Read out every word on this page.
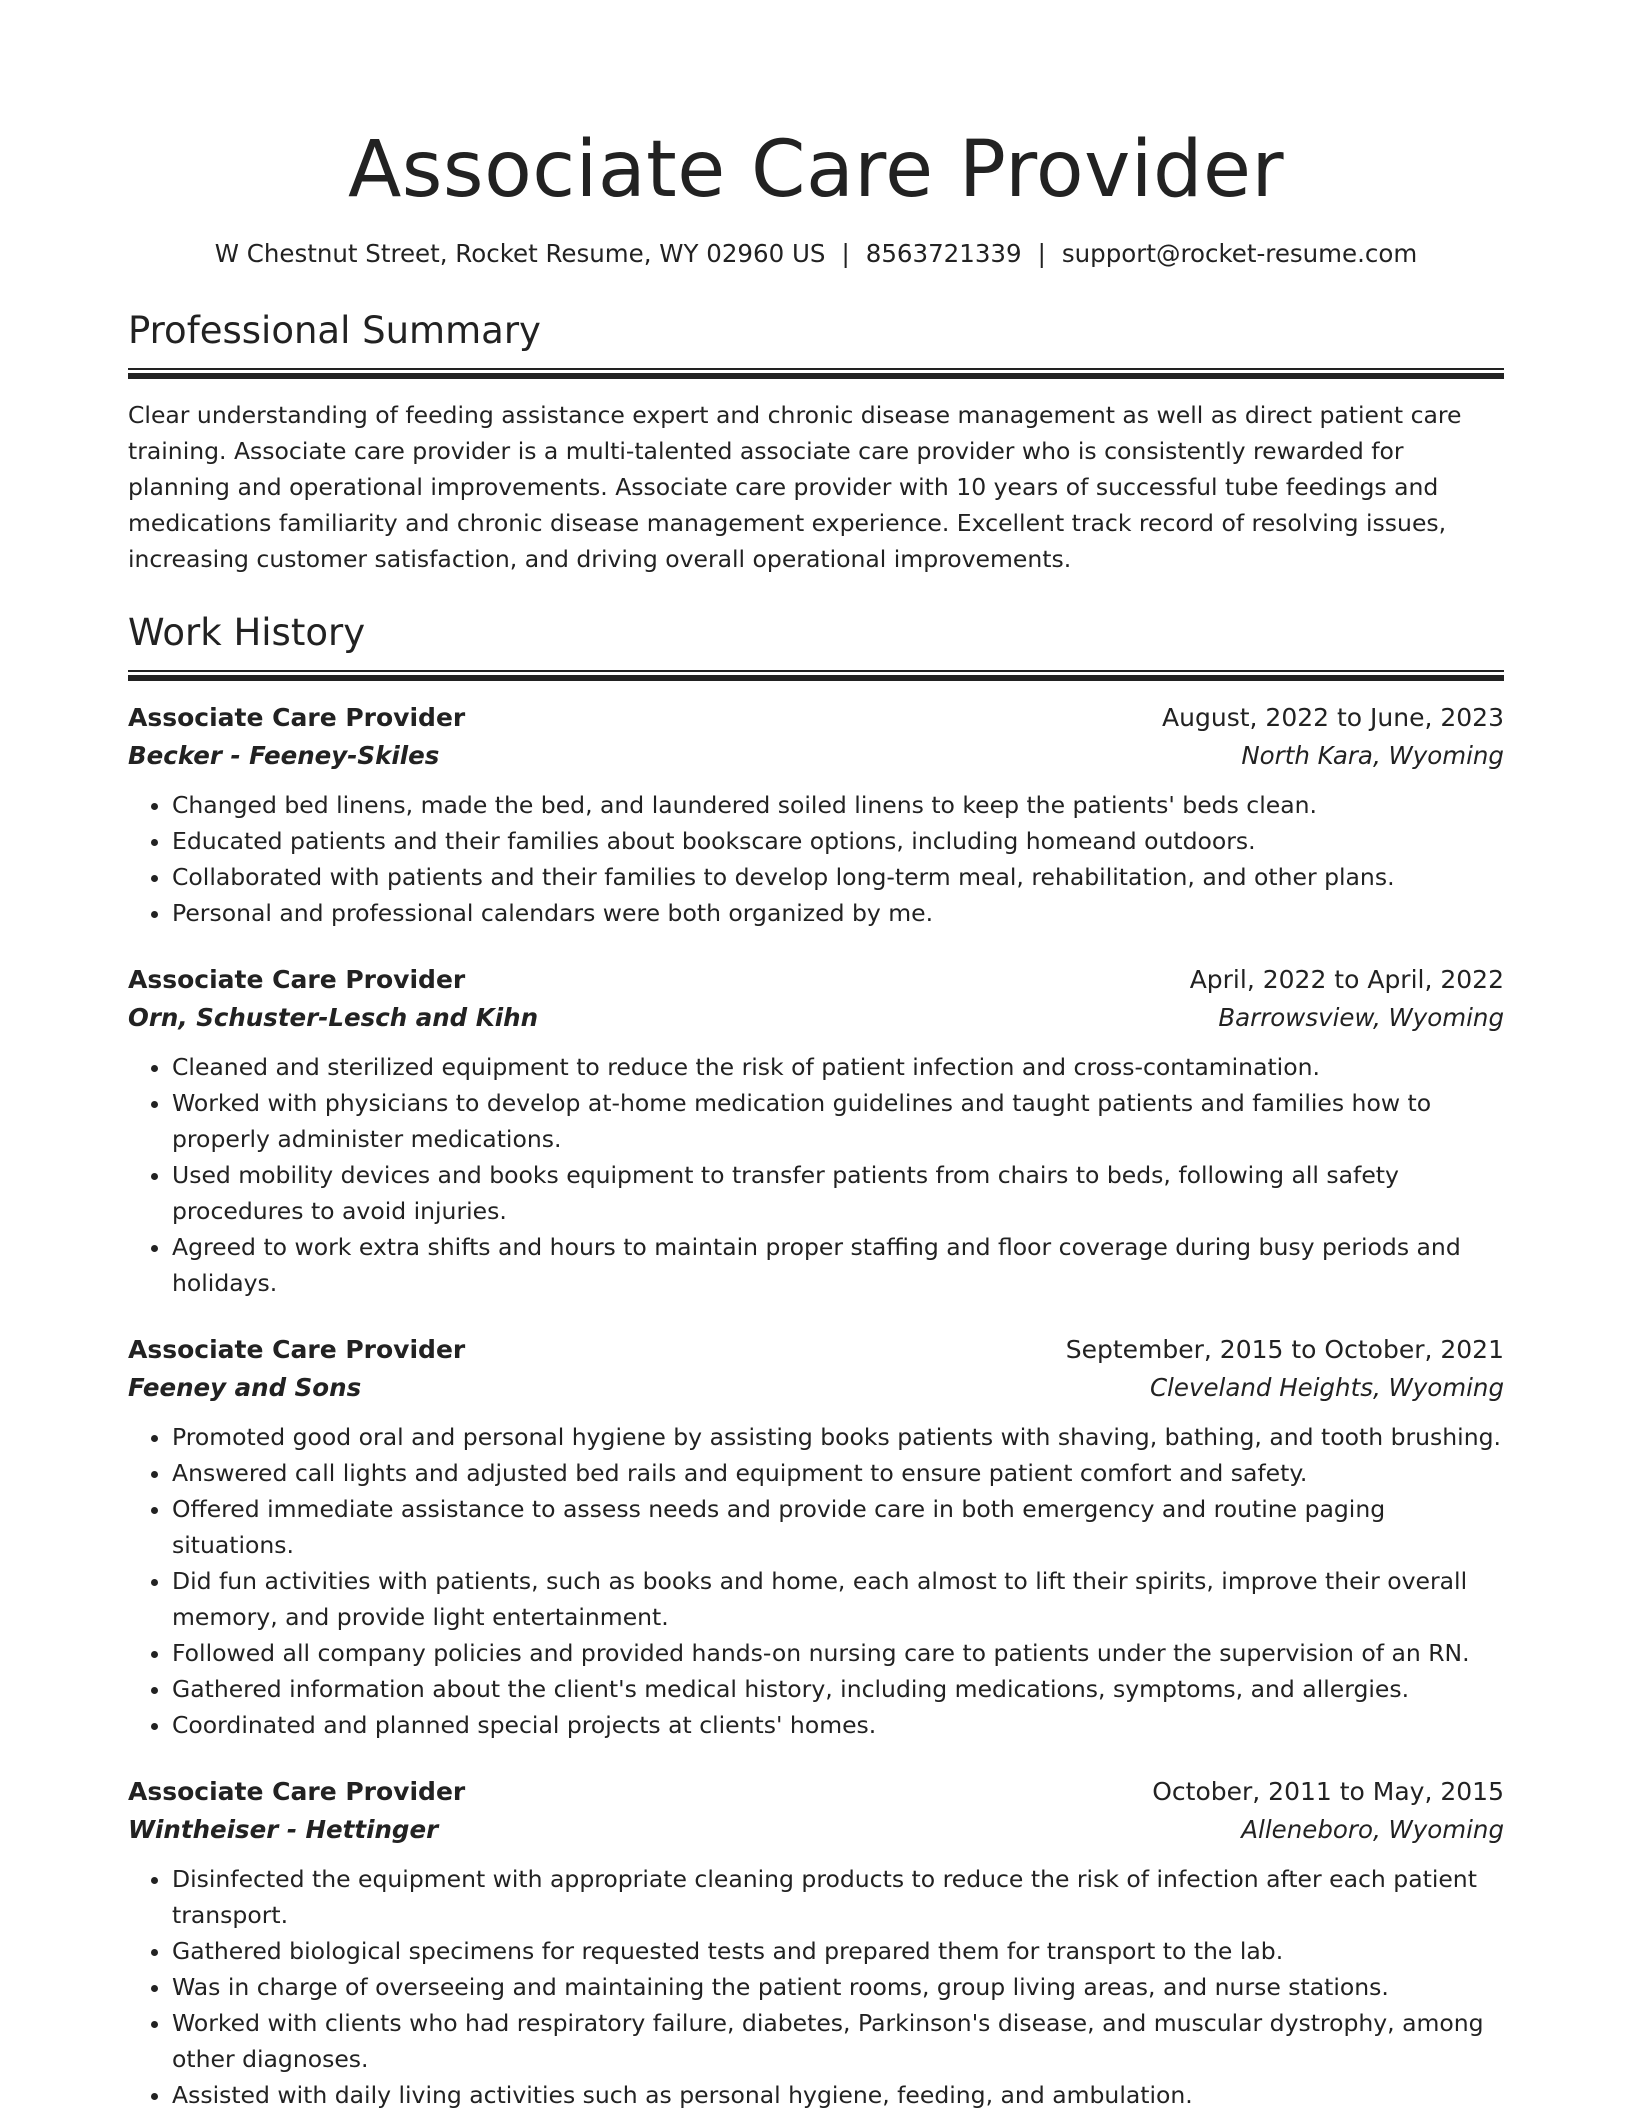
Associate Care Provider
W Chestnut Street, Rocket Resume, WY 02960 US | 8563721339 | support@rocket-resume.com
Professional Summary

Clear understanding of feeding assistance expert and chronic disease management as well as direct patient care training. Associate care provider is a multi-talented associate care provider who is consistently rewarded for planning and operational improvements. Associate care provider with 10 years of successful tube feedings and medications familiarity and chronic disease management experience. Excellent track record of resolving issues, increasing customer satisfaction, and driving overall operational improvements.

Work History
Associate Care Provider	August, 2022 to June, 2023
Becker - Feeney-Skiles	North Kara, Wyoming
• Changed bed linens, made the bed, and laundered soiled linens to keep the patients' beds clean.
• Educated patients and their families about bookscare options, including homeand outdoors.
• Collaborated with patients and their families to develop long-term meal, rehabilitation, and other plans.
• Personal and professional calendars were both organized by me.
Associate Care Provider	April, 2022 to April, 2022
Orn, Schuster-Lesch and Kihn	Barrowsview, Wyoming
• Cleaned and sterilized equipment to reduce the risk of patient infection and cross-contamination.
• Worked with physicians to develop at-home medication guidelines and taught patients and families how to properly administer medications.
• Used mobility devices and books equipment to transfer patients from chairs to beds, following all safety procedures to avoid injuries.
• Agreed to work extra shifts and hours to maintain proper staffing and floor coverage during busy periods and holidays.
Associate Care Provider	September, 2015 to October, 2021
Feeney and Sons	Cleveland Heights, Wyoming
• Promoted good oral and personal hygiene by assisting books patients with shaving, bathing, and tooth brushing.
• Answered call lights and adjusted bed rails and equipment to ensure patient comfort and safety.
• Offered immediate assistance to assess needs and provide care in both emergency and routine paging situations.
• Did fun activities with patients, such as books and home, each almost to lift their spirits, improve their overall memory, and provide light entertainment.
• Followed all company policies and provided hands-on nursing care to patients under the supervision of an RN.
• Gathered information about the client's medical history, including medications, symptoms, and allergies.
• Coordinated and planned special projects at clients' homes.
Associate Care Provider	October, 2011 to May, 2015
Wintheiser - Hettinger	Alleneboro, Wyoming
• Disinfected the equipment with appropriate cleaning products to reduce the risk of infection after each patient transport.
• Gathered biological specimens for requested tests and prepared them for transport to the lab.
• Was in charge of overseeing and maintaining the patient rooms, group living areas, and nurse stations.
• Worked with clients who had respiratory failure, diabetes, Parkinson's disease, and muscular dystrophy, among other diagnoses.
• Assisted with daily living activities such as personal hygiene, feeding, and ambulation.
